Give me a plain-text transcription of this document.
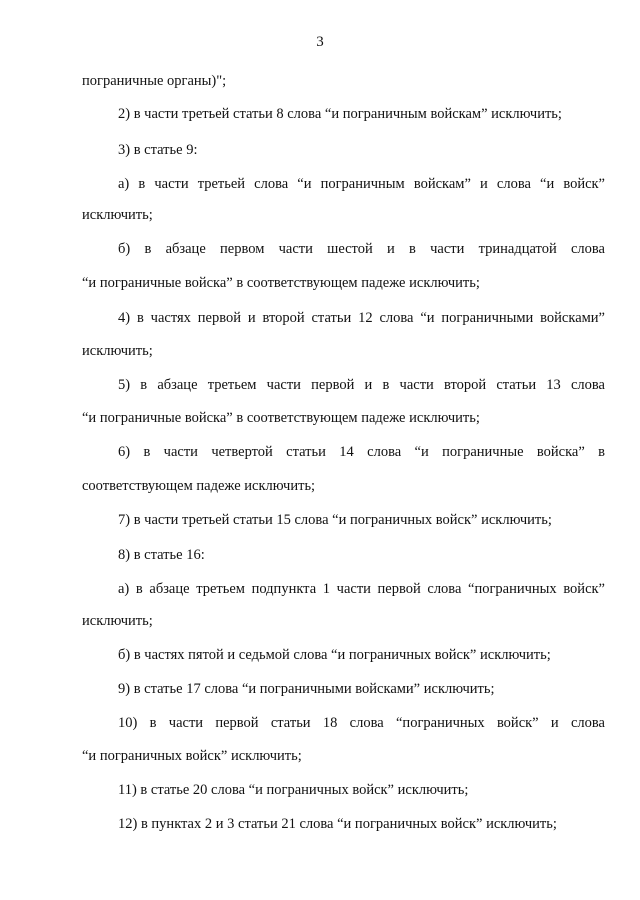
3
пограничные органы)";
2) в части третьей статьи 8 слова “и пограничным войскам” исключить;
3) в статье 9:
а) в части третьей слова “и пограничным войскам” и слова “и войск”
исключить;
б) в абзаце первом части шестой и в части тринадцатой слова
“и пограничные войска” в соответствующем падеже исключить;
4) в частях первой и второй статьи 12 слова “и пограничными войсками”
исключить;
5) в абзаце третьем части первой и в части второй статьи 13 слова
“и пограничные войска” в соответствующем падеже исключить;
6) в части четвертой статьи 14 слова “и пограничные войска” в
соответствующем падеже исключить;
7) в части третьей статьи 15 слова “и пограничных войск” исключить;
8) в статье 16:
а) в абзаце третьем подпункта 1 части первой слова “пограничных войск”
исключить;
б) в частях пятой и седьмой слова “и пограничных войск” исключить;
9) в статье 17 слова “и пограничными войсками” исключить;
10) в части первой статьи 18 слова “пограничных войск” и слова
“и пограничных войск” исключить;
11) в статье 20 слова “и пограничных войск” исключить;
12) в пунктах 2 и 3 статьи 21 слова “и пограничных войск” исключить;
